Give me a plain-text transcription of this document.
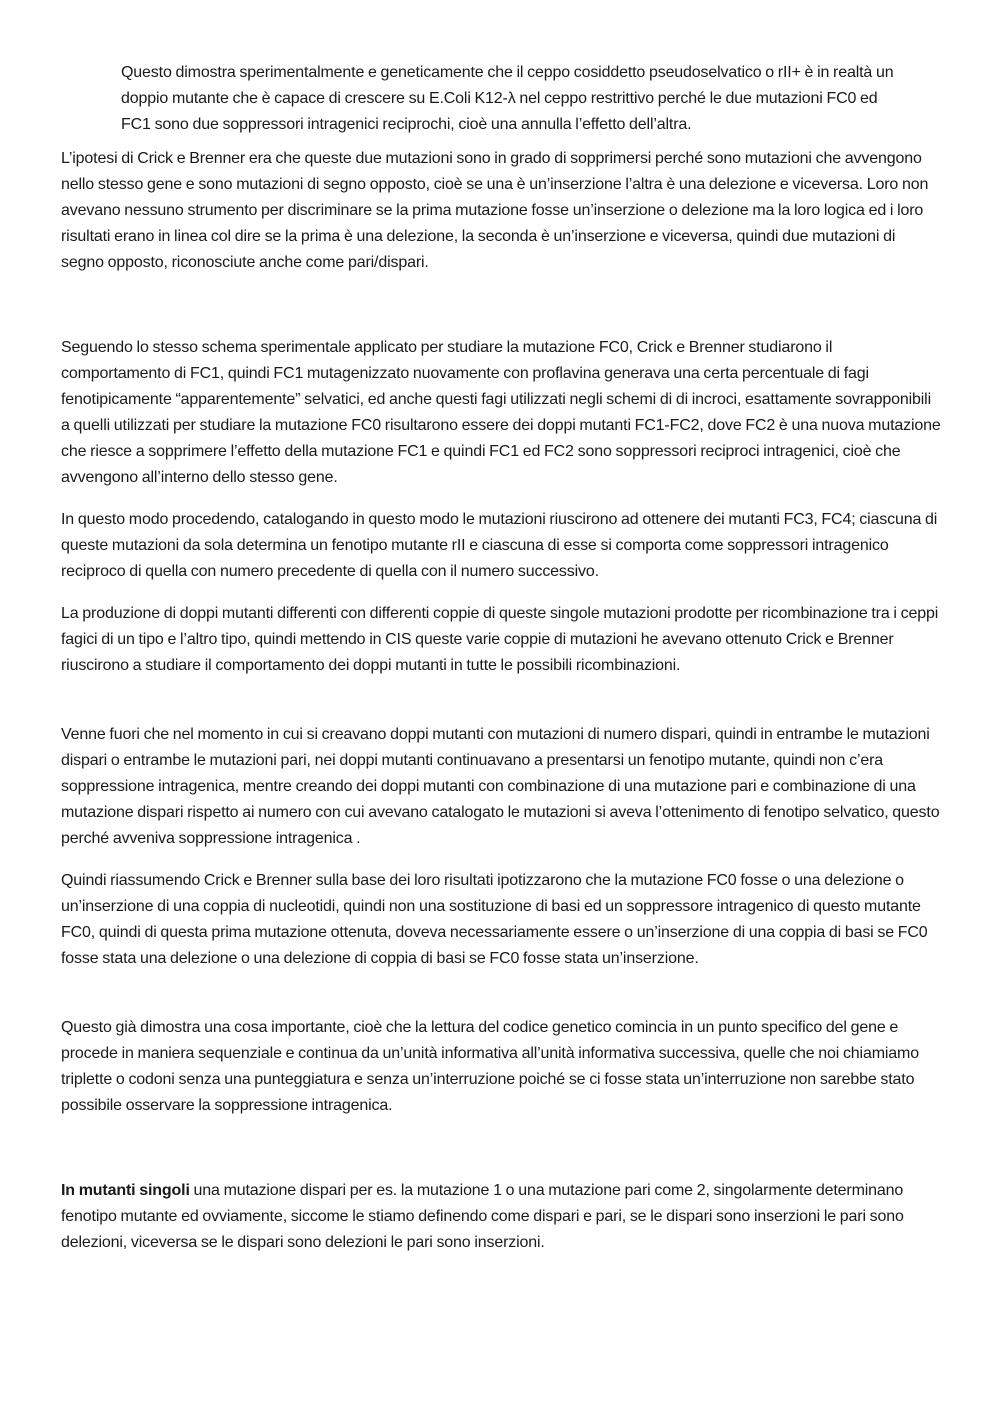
Questo dimostra sperimentalmente e geneticamente che il ceppo cosiddetto pseudoselvatico o rII+ è in realtà un doppio mutante che è capace di crescere su E.Coli K12-λ nel ceppo restrittivo perché le due mutazioni FC0 ed FC1 sono due soppressori intragenici reciprochi, cioè una annulla l’effetto dell’altra.

L’ipotesi di Crick e Brenner era che queste due mutazioni sono in grado di sopprimersi perché sono mutazioni che avvengono nello stesso gene e sono mutazioni di segno opposto, cioè se una è un’inserzione l’altra è una delezione e viceversa. Loro non avevano nessuno strumento per discriminare se la prima mutazione fosse un’inserzione o delezione ma la loro logica ed i loro risultati erano in linea col dire se la prima è una delezione, la seconda è un’inserzione e viceversa, quindi due mutazioni di segno opposto, riconosciute anche come pari/dispari.

Seguendo lo stesso schema sperimentale applicato per studiare la mutazione FC0, Crick e Brenner studiarono il comportamento di FC1, quindi FC1 mutagenizzato nuovamente con proflavina generava una certa percentuale di fagi fenotipicamente “apparentemente” selvatici, ed anche questi fagi utilizzati negli schemi di di incroci, esattamente sovrapponibili a quelli utilizzati per studiare la mutazione FC0 risultarono essere dei doppi mutanti FC1-FC2, dove FC2 è una nuova mutazione che riesce a sopprimere l’effetto della mutazione FC1 e quindi FC1 ed FC2 sono soppressori reciproci intragenici, cioè che avvengono all’interno dello stesso gene.

In questo modo procedendo, catalogando in questo modo le mutazioni riuscirono ad ottenere dei mutanti FC3, FC4; ciascuna di queste mutazioni da sola determina un fenotipo mutante rII e ciascuna di esse si comporta come soppressori intragenico reciproco di quella con numero precedente di quella con il numero successivo.

La produzione di doppi mutanti differenti con differenti coppie di queste singole mutazioni prodotte per ricombinazione tra i ceppi fagici di un tipo e l’altro tipo, quindi mettendo in CIS queste varie coppie di mutazioni he avevano ottenuto Crick e Brenner riuscirono a studiare il comportamento dei doppi mutanti in tutte le possibili ricombinazioni.

Venne fuori che nel momento in cui si creavano doppi mutanti con mutazioni di numero dispari, quindi in entrambe le mutazioni dispari o entrambe le mutazioni pari, nei doppi mutanti continuavano a presentarsi un fenotipo mutante, quindi non c’era soppressione intragenica, mentre creando dei doppi mutanti con combinazione di una mutazione pari e combinazione di una mutazione dispari rispetto ai numero con cui avevano catalogato le mutazioni si aveva l’ottenimento di fenotipo selvatico, questo perché avveniva soppressione intragenica .

Quindi riassumendo Crick e Brenner sulla base dei loro risultati ipotizzarono che la mutazione FC0 fosse o una delezione o un’inserzione di una coppia di nucleotidi, quindi non una sostituzione di basi ed un soppressore intragenico di questo mutante FC0, quindi di questa prima mutazione ottenuta, doveva necessariamente essere o un’inserzione di una coppia di basi se FC0 fosse stata una delezione o una delezione di coppia di basi se FC0 fosse stata un’inserzione.

Questo già dimostra una cosa importante, cioè che la lettura del codice genetico comincia in un punto specifico del gene e procede in maniera sequenziale e continua da un’unità informativa all’unità informativa successiva, quelle che noi chiamiamo triplette o codoni senza una punteggiatura e senza un’interruzione poiché se ci fosse stata un’interruzione non sarebbe stato possibile osservare la soppressione intragenica.

In mutanti singoli una mutazione dispari per es. la mutazione 1 o una mutazione pari come 2, singolarmente determinano fenotipo mutante ed ovviamente, siccome le stiamo definendo come dispari e pari, se le dispari sono inserzioni le pari sono delezioni, viceversa se le dispari sono delezioni le pari sono inserzioni.
